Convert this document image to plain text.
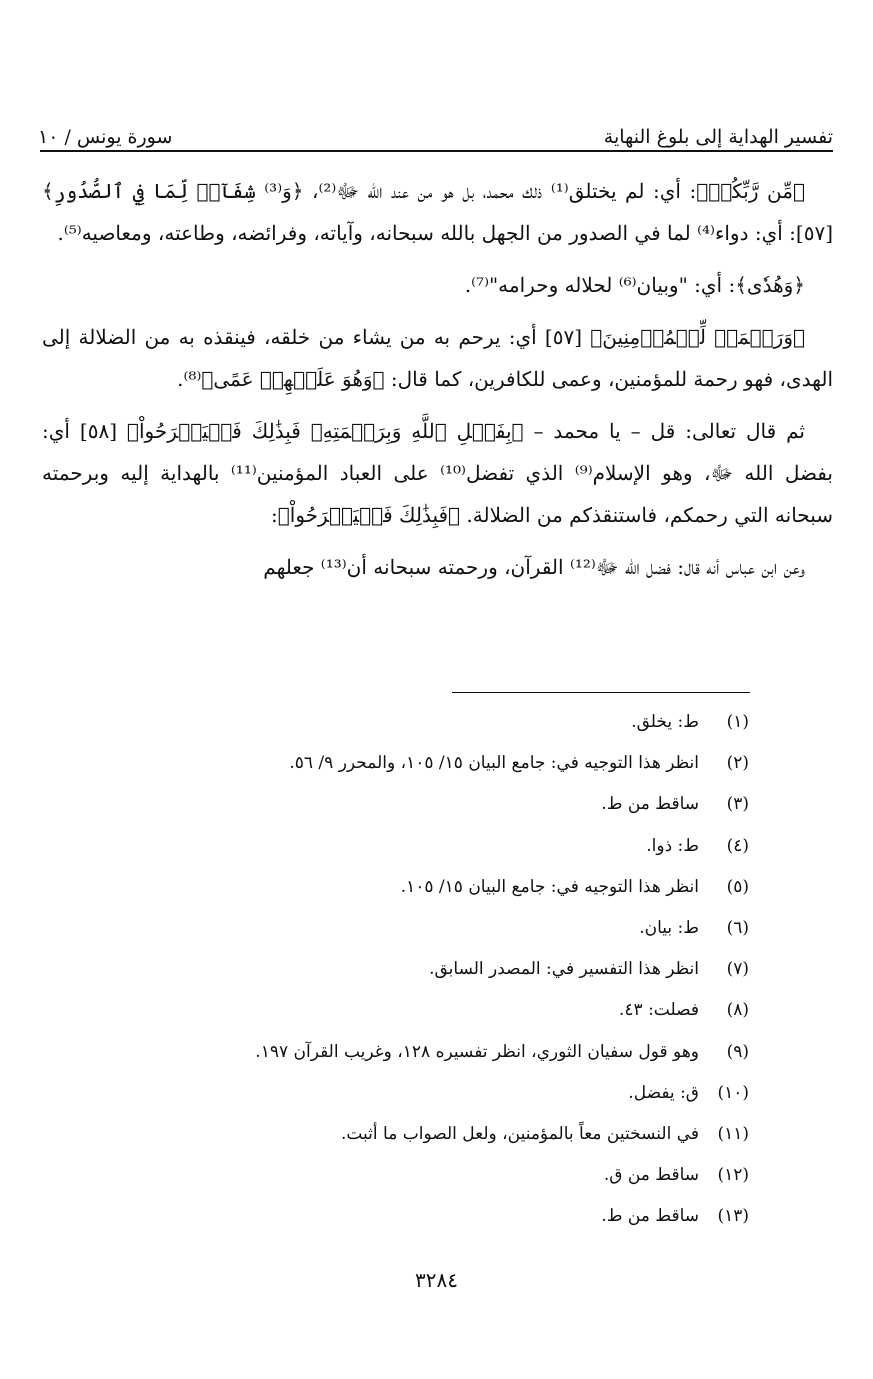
تفسير الهداية إلى بلوغ النهاية
سورة يونس / ١٠

﴿مِّن رَّبِّكُمۡ﴾: أي: لم يختلق⁽¹⁾ ذلك محمد، بل هو من عند الله ﷻ⁽²⁾، ﴿وَ⁽³⁾ شِفَآءٞ لِّمَا فِي ٱلصُّدُورِ﴾ [٥٧]: أي: دواء⁽⁴⁾ لما في الصدور من الجهل بالله سبحانه، وآياته، وفرائضه، وطاعته، ومعاصيه⁽⁵⁾.

﴿وَهُدٗى﴾: أي: "وبيان⁽⁶⁾ لحلاله وحرامه"⁽⁷⁾.

﴿وَرَحۡمَةٞ لِّلۡمُؤۡمِنِينَ﴾ [٥٧] أي: يرحم به من يشاء من خلقه، فينقذه به من الضلالة إلى الهدى، فهو رحمة للمؤمنين، وعمى للكافرين، كما قال: ﴿وَهُوَ عَلَيۡهِمۡ عَمًى﴾⁽⁸⁾.

ثم قال تعالى: قل – يا محمد – ﴿بِفَضۡلِ ٱللَّهِ وَبِرَحۡمَتِهِۦ فَبِذَٰلِكَ فَلۡيَفۡرَحُواْ﴾ [٥٨] أي: بفضل الله ﷻ، وهو الإسلام⁽⁹⁾ الذي تفضل⁽¹⁰⁾ على العباد المؤمنين⁽¹¹⁾ بالهداية إليه وبرحمته سبحانه التي رحمكم، فاستنقذكم من الضلالة. ﴿فَبِذَٰلِكَ فَلۡيَفۡرَحُواْ﴾:

وعن ابن عباس أنه قال: فضل الله ﷻ⁽¹²⁾ القرآن، ورحمته سبحانه أن⁽¹³⁾ جعلهم

(١)
ط: يخلق.
(٢)
انظر هذا التوجيه في: جامع البيان ١٥/ ١٠٥، والمحرر ٩/ ٥٦.
(٣)
ساقط من ط.
(٤)
ط: ذوا.
(٥)
انظر هذا التوجيه في: جامع البيان ١٥/ ١٠٥.
(٦)
ط: بيان.
(٧)
انظر هذا التفسير في: المصدر السابق.
(٨)
فصلت: ٤٣.
(٩)
وهو قول سفيان الثوري، انظر تفسيره ١٢٨، وغريب القرآن ١٩٧.
(١٠)
ق: يفضل.
(١١)
في النسختين معاً بالمؤمنين، ولعل الصواب ما أثبت.
(١٢)
ساقط من ق.
(١٣)
ساقط من ط.
٣٢٨٤
